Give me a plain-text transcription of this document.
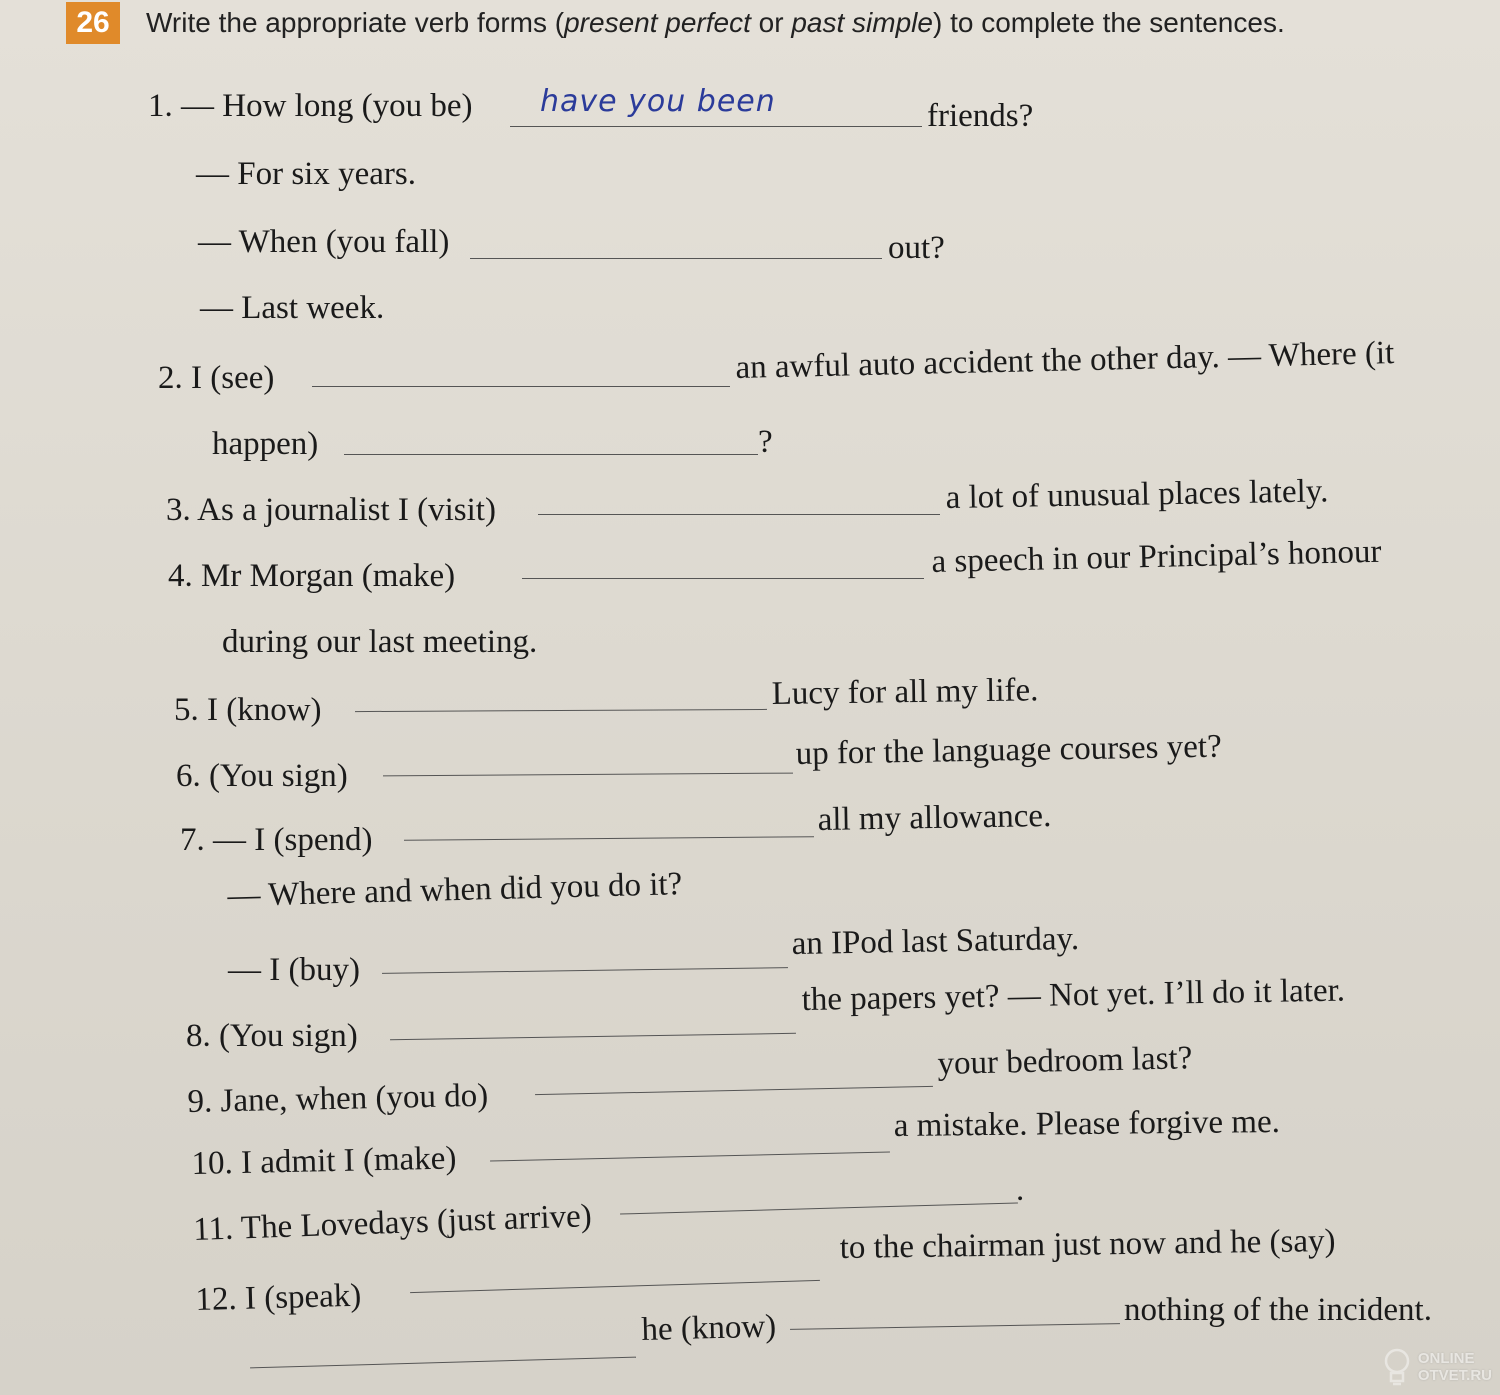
26	Write the appropriate verb forms (present perfect or past simple) to complete the sentences.
1. — How long (you be) have you been	friends?
— For six years.
— When (you fall)	out?
— Last week.
2. I (see)	an awful auto accident the other day. — Where (it
happen)	?
3. As a journalist I (visit)	a lot of unusual places lately.
4. Mr Morgan (make)	a speech in our Principal’s honour
during our last meeting.
5. I (know)	Lucy for all my life.
6. (You sign)
up for the language courses yet?
7. — I (spend)
all my allowance.
— Where and when did you do it?
— I (buy)
an IPod last Saturday.
8. (You sign)
the papers yet? — Not yet. I’ll do it later.
9. Jane, when (you do)
your bedroom last?
10. I admit I (make)
a mistake. Please forgive me.
11. The Lovedays (just arrive)
.
12. I (speak)
to the chairman just now and he (say)
he (know)	nothing of the incident.
ONLINE
OTVET.RU
